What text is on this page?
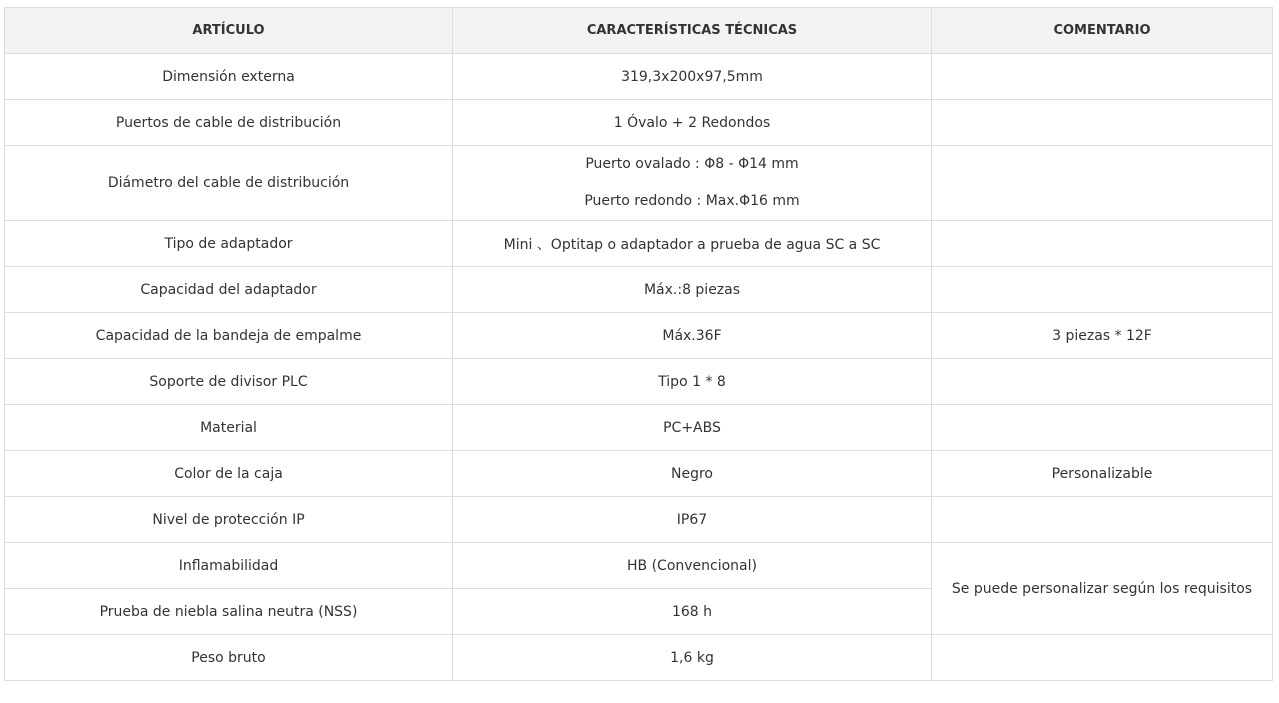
ARTÍCULO	CARACTERÍSTICAS TÉCNICAS	COMENTARIO
Dimensión externa	319,3x200x97,5mm	
Puertos de cable de distribución	1 Óvalo + 2 Redondos	
Diámetro del cable de distribución	Puerto ovalado : Φ8 - Φ14 mm
Puerto redondo : Max.Φ16 mm	

Tipo de adaptador	Mini 、Optitap o adaptador a prueba de agua SC a SC	
Capacidad del adaptador	Máx.:8 piezas	
Capacidad de la bandeja de empalme	Máx.36F	3 piezas * 12F
Soporte de divisor PLC	Tipo 1 * 8	
Material	PC+ABS	
Color de la caja	Negro	Personalizable
Nivel de protección IP	IP67	
Inflamabilidad	HB (Convencional)	Se puede personalizar según los requisitos
Prueba de niebla salina neutra (NSS)	168 h	
Peso bruto	1,6 kg	
